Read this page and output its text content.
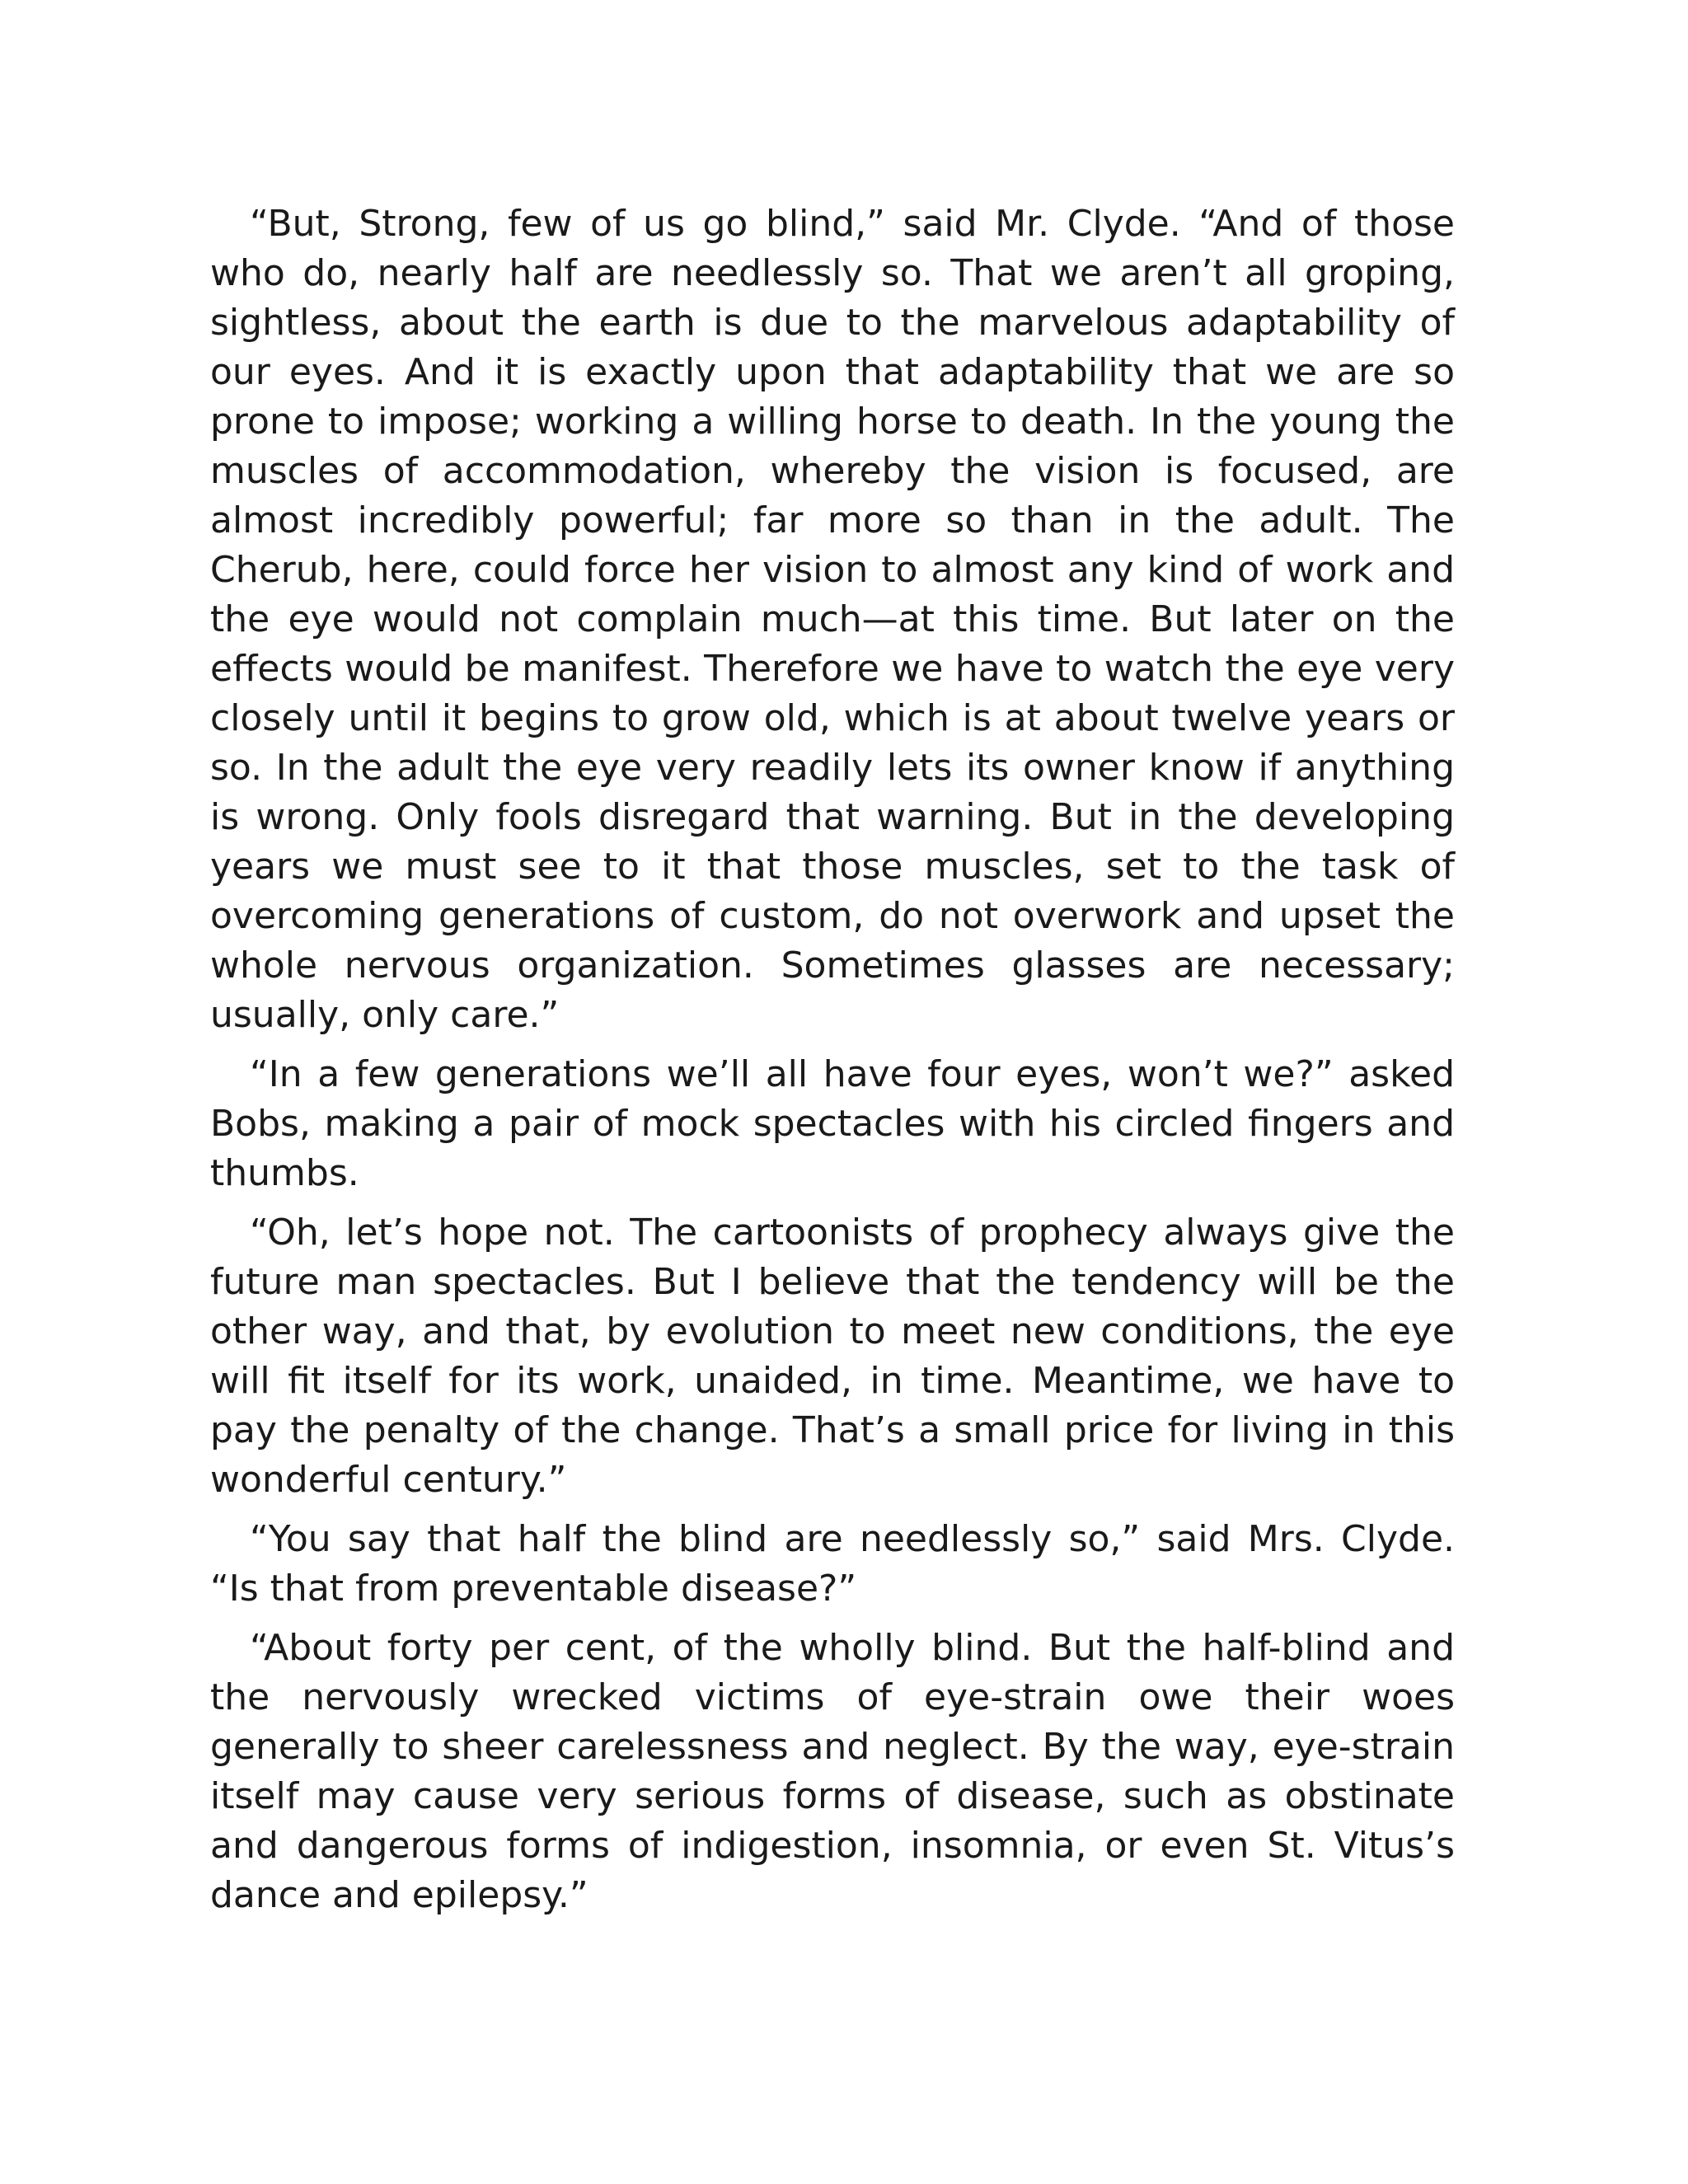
“But, Strong, few of us go blind,” said Mr. Clyde. “And of those who do, nearly half are needlessly so. That we aren’t all groping, sightless, about the earth is due to the marvelous adaptability of our eyes. And it is exactly upon that adaptability that we are so prone to impose; working a willing horse to death. In the young the muscles of accommodation, whereby the vision is focused, are almost incredibly powerful; far more so than in the adult. The Cherub, here, could force her vision to almost any kind of work and the eye would not complain much—at this time. But later on the effects would be manifest. Therefore we have to watch the eye very closely until it begins to grow old, which is at about twelve years or so. In the adult the eye very readily lets its owner know if anything is wrong. Only fools disregard that warning. But in the developing years we must see to it that those muscles, set to the task of overcoming generations of custom, do not overwork and upset the whole nervous organization. Sometimes glasses are necessary; usually, only care.”

“In a few generations we’ll all have four eyes, won’t we?” asked Bobs, making a pair of mock spectacles with his circled fingers and thumbs.

“Oh, let’s hope not. The cartoonists of prophecy always give the future man spectacles. But I believe that the tendency will be the other way, and that, by evolution to meet new conditions, the eye will fit itself for its work, unaided, in time. Meantime, we have to pay the penalty of the change. That’s a small price for living in this wonderful century.”

“You say that half the blind are needlessly so,” said Mrs. Clyde. “Is that from preventable disease?”

“About forty per cent, of the wholly blind. But the half-blind and the nervously wrecked victims of eye-strain owe their woes generally to sheer carelessness and neglect. By the way, eye-strain itself may cause very serious forms of disease, such as obstinate and dangerous forms of indigestion, insomnia, or even St. Vitus’s dance and epilepsy.”
